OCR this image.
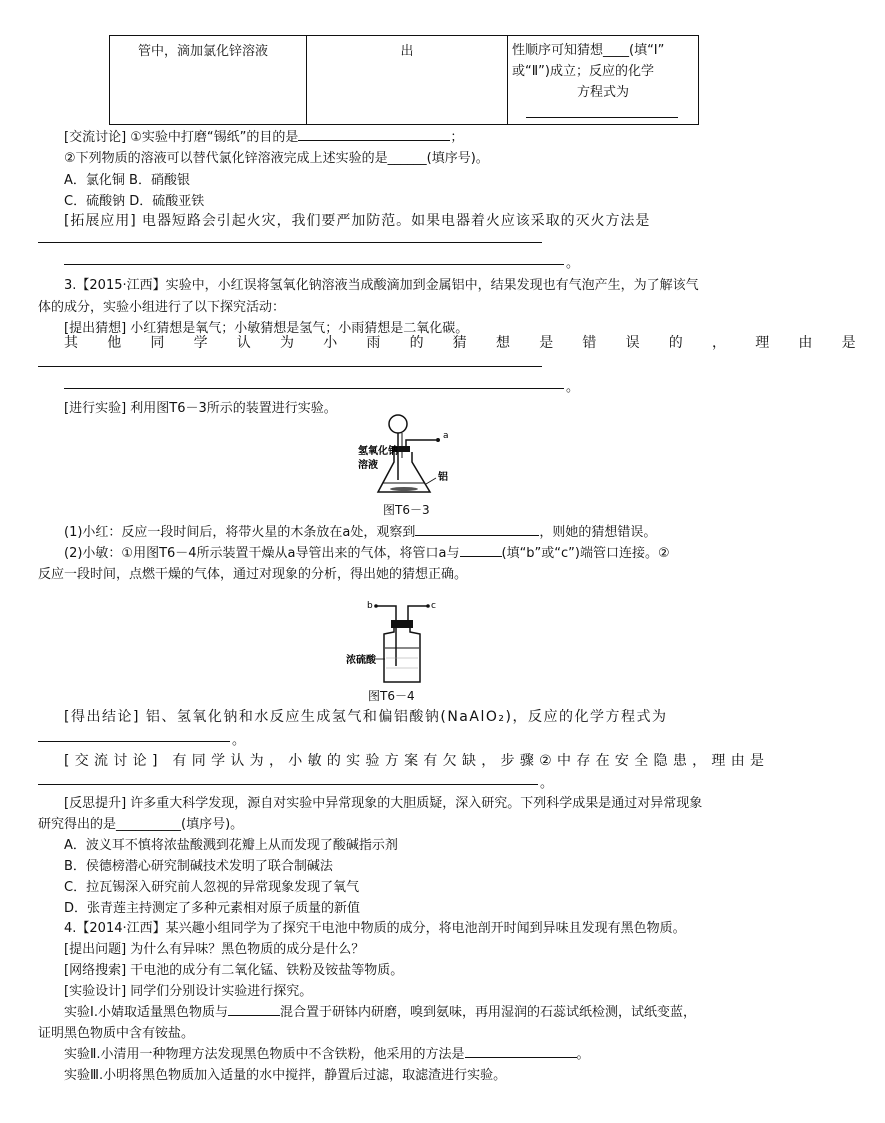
管中，滴加氯化锌溶液	出	性顺序可知猜想____(填“Ⅰ”
或“Ⅱ”)成立；反应的化学
方程式为
[交流讨论] ①实验中打磨“锡纸”的目的是	；
②下列物质的溶液可以替代氯化锌溶液完成上述实验的是______(填序号)。
A．氯化铜 B．硝酸银
C．硫酸钠 D．硫酸亚铁
[拓展应用] 电器短路会引起火灾，我们要严加防范。如果电器着火应该采取的灭火方法是
。
3.【2015·江西】实验中，小红误将氢氧化钠溶液当成酸滴加到金属铝中，结果发现也有气泡产生，为了解该气
体的成分，实验小组进行了以下探究活动：
[提出猜想] 小红猜想是氧气；小敏猜想是氢气；小雨猜想是二氧化碳。
其他同学认为小雨的猜想是错误的，理由是
。
[进行实验] 利用图T6－3所示的装置进行实验。
a
氢氧化钠
溶液
铝
图T6－3
(1)小红：反应一段时间后，将带火星的木条放在a处，观察到	，则她的猜想错误。
(2)小敏：①用图T6－4所示装置干燥从a导管出来的气体，将管口a与	(填“b”或“c”)端管口连接。②
反应一段时间，点燃干燥的气体，通过对现象的分析，得出她的猜想正确。
b	c
浓硫酸
图T6－4
[得出结论] 铝、氢氧化钠和水反应生成氢气和偏铝酸钠(NaAlO₂)，反应的化学方程式为
。
[交流讨论] 有同学认为，小敏的实验方案有欠缺，步骤②中存在安全隐患，理由是
。
[反思提升] 许多重大科学发现，源自对实验中异常现象的大胆质疑，深入研究。下列科学成果是通过对异常现象
研究得出的是__________(填序号)。
A．波义耳不慎将浓盐酸溅到花瓣上从而发现了酸碱指示剂
B．侯德榜潜心研究制碱技术发明了联合制碱法
C．拉瓦锡深入研究前人忽视的异常现象发现了氧气
D．张青莲主持测定了多种元素相对原子质量的新值
4.【2014·江西】某兴趣小组同学为了探究干电池中物质的成分，将电池剖开时闻到异味且发现有黑色物质。
[提出问题] 为什么有异味？黑色物质的成分是什么？
[网络搜索] 干电池的成分有二氧化锰、铁粉及铵盐等物质。
[实验设计] 同学们分别设计实验进行探究。
实验Ⅰ.小婧取适量黑色物质与	混合置于研钵内研磨，嗅到氨味，再用湿润的石蕊试纸检测，试纸变蓝，
证明黑色物质中含有铵盐。
实验Ⅱ.小清用一种物理方法发现黑色物质中不含铁粉，他采用的方法是	。
实验Ⅲ.小明将黑色物质加入适量的水中搅拌，静置后过滤，取滤渣进行实验。
